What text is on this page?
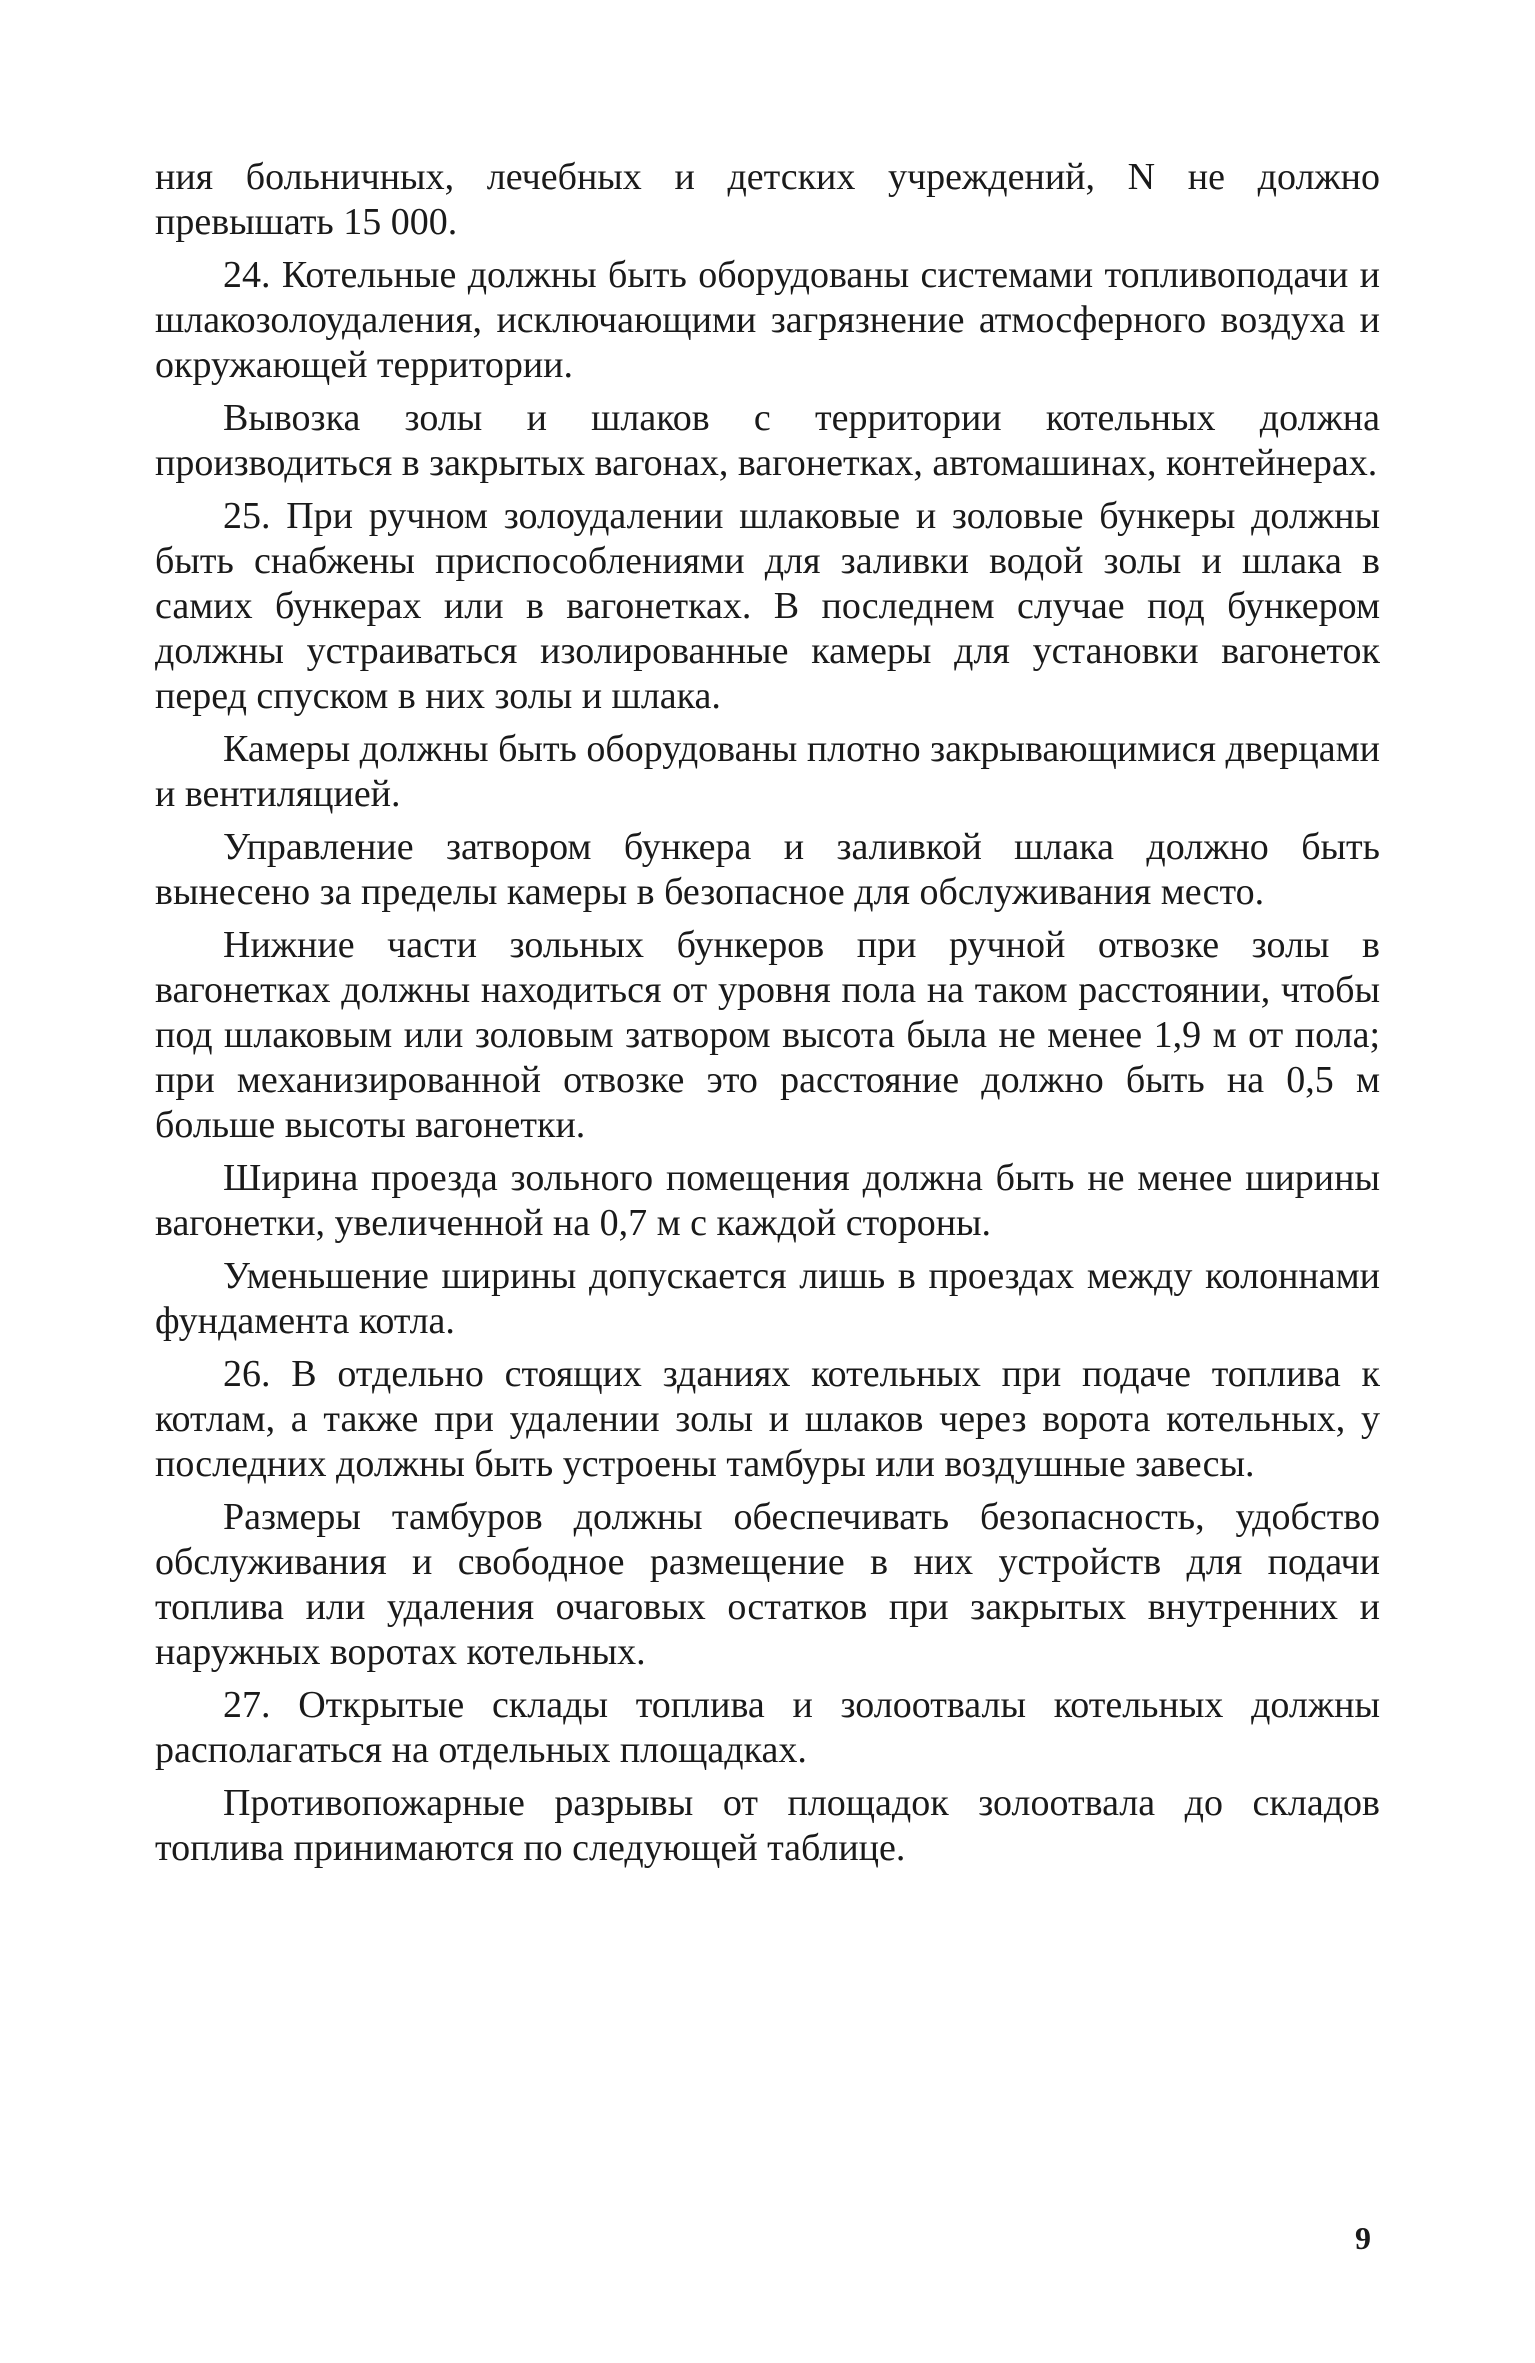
ния больничных, лечебных и детских учреждений, N не должно превышать 15 000.

24. Котельные должны быть оборудованы системами топливоподачи и шлакозолоудаления, исключающими загрязнение атмосферного воздуха и окружающей территории.

Вывозка золы и шлаков с территории котельных должна производиться в закрытых вагонах, вагонетках, автомашинах, контейнерах.

25. При ручном золоудалении шлаковые и золовые бункеры должны быть снабжены приспособлениями для заливки водой золы и шлака в самих бункерах или в вагонетках. В последнем случае под бункером должны устраиваться изолированные камеры для установки вагонеток перед спуском в них золы и шлака.

Камеры должны быть оборудованы плотно закрывающимися дверцами и вентиляцией.

Управление затвором бункера и заливкой шлака должно быть вынесено за пределы камеры в безопасное для обслуживания место.

Нижние части зольных бункеров при ручной отвозке золы в вагонетках должны находиться от уровня пола на таком расстоянии, чтобы под шлаковым или золовым затвором высота была не менее 1,9 м от пола; при механизированной отвозке это расстояние должно быть на 0,5 м больше высоты вагонетки.

Ширина проезда зольного помещения должна быть не менее ширины вагонетки, увеличенной на 0,7 м с каждой стороны.

Уменьшение ширины допускается лишь в проездах между колоннами фундамента котла.

26. В отдельно стоящих зданиях котельных при подаче топлива к котлам, а также при удалении золы и шлаков через ворота котельных, у последних должны быть устроены тамбуры или воздушные завесы.

Размеры тамбуров должны обеспечивать безопасность, удобство обслуживания и свободное размещение в них устройств для подачи топлива или удаления очаговых остатков при закрытых внутренних и наружных воротах котельных.

27. Открытые склады топлива и золоотвалы котельных должны располагаться на отдельных площадках.

Противопожарные разрывы от площадок золоотвала до складов топлива принимаются по следующей таблице.

9
